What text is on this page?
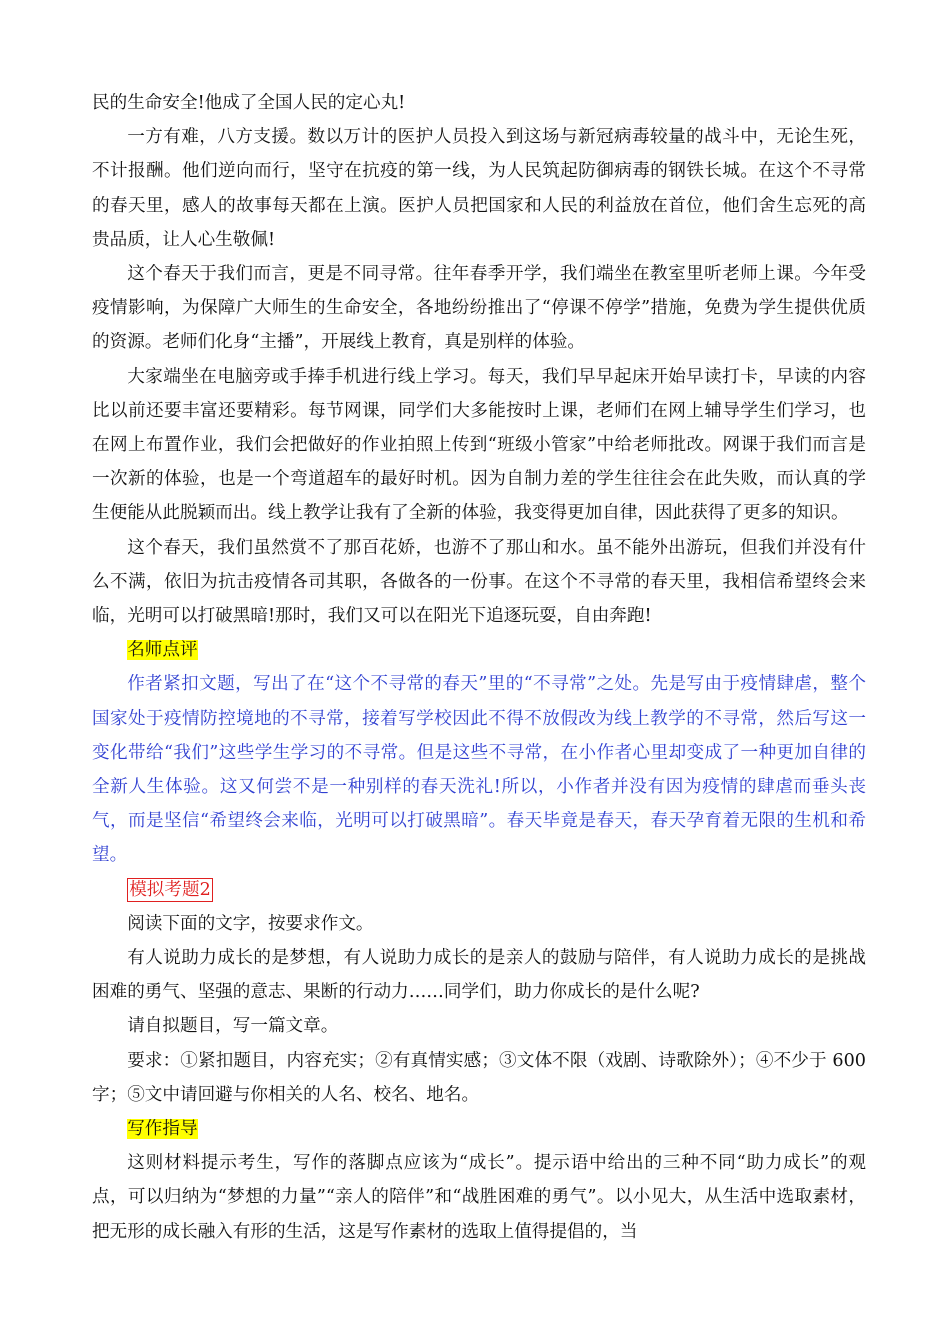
民的生命安全!他成了全国人民的定心丸!

一方有难，八方支援。数以万计的医护人员投入到这场与新冠病毒较量的战斗中，无论生死，不计报酬。他们逆向而行，坚守在抗疫的第一线，为人民筑起防御病毒的钢铁长城。在这个不寻常的春天里，感人的故事每天都在上演。医护人员把国家和人民的利益放在首位，他们舍生忘死的高贵品质，让人心生敬佩!

这个春天于我们而言，更是不同寻常。往年春季开学，我们端坐在教室里听老师上课。今年受疫情影响，为保障广大师生的生命安全，各地纷纷推出了“停课不停学”措施，免费为学生提供优质的资源。老师们化身“主播”，开展线上教育，真是别样的体验。

大家端坐在电脑旁或手捧手机进行线上学习。每天，我们早早起床开始早读打卡，早读的内容比以前还要丰富还要精彩。每节网课，同学们大多能按时上课，老师们在网上辅导学生们学习，也在网上布置作业，我们会把做好的作业拍照上传到“班级小管家”中给老师批改。网课于我们而言是一次新的体验，也是一个弯道超车的最好时机。因为自制力差的学生往往会在此失败，而认真的学生便能从此脱颖而出。线上教学让我有了全新的体验，我变得更加自律，因此获得了更多的知识。

这个春天，我们虽然赏不了那百花娇，也游不了那山和水。虽不能外出游玩，但我们并没有什么不满，依旧为抗击疫情各司其职，各做各的一份事。在这个不寻常的春天里，我相信希望终会来临，光明可以打破黑暗!那时，我们又可以在阳光下追逐玩耍，自由奔跑!

名师点评

作者紧扣文题，写出了在“这个不寻常的春天”里的“不寻常”之处。先是写由于疫情肆虐，整个国家处于疫情防控境地的不寻常，接着写学校因此不得不放假改为线上教学的不寻常，然后写这一变化带给“我们”这些学生学习的不寻常。但是这些不寻常，在小作者心里却变成了一种更加自律的全新人生体验。这又何尝不是一种别样的春天洗礼!所以，小作者并没有因为疫情的肆虐而垂头丧气，而是坚信“希望终会来临，光明可以打破黑暗”。春天毕竟是春天，春天孕育着无限的生机和希望。

模拟考题2

阅读下面的文字，按要求作文。

有人说助力成长的是梦想，有人说助力成长的是亲人的鼓励与陪伴，有人说助力成长的是挑战困难的勇气、坚强的意志、果断的行动力……同学们，助力你成长的是什么呢?

请自拟题目，写一篇文章。

要求：①紧扣题目，内容充实；②有真情实感；③文体不限（戏剧、诗歌除外）；④不少于 600字；⑤文中请回避与你相关的人名、校名、地名。

写作指导

这则材料提示考生，写作的落脚点应该为“成长”。提示语中给出的三种不同“助力成长”的观点，可以归纳为“梦想的力量”“亲人的陪伴”和“战胜困难的勇气”。以小见大，从生活中选取素材，把无形的成长融入有形的生活，这是写作素材的选取上值得提倡的，当
